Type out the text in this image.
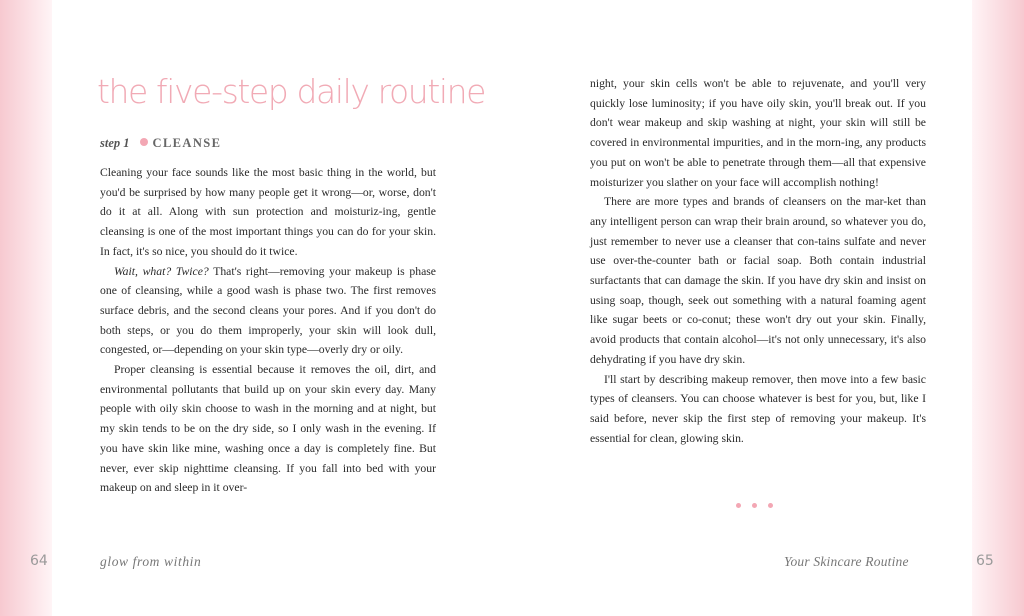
the five-step daily routine
step 1 CLEANSE

Cleaning your face sounds like the most basic thing in the world, but you'd be surprised by how many people get it wrong—or, worse, don't do it at all. Along with sun protection and moisturiz-ing, gentle cleansing is one of the most important things you can do for your skin. In fact, it's so nice, you should do it twice.

Wait, what? Twice? That's right—removing your makeup is phase one of cleansing, while a good wash is phase two. The first removes surface debris, and the second cleans your pores. And if you don't do both steps, or you do them improperly, your skin will look dull, congested, or—depending on your skin type—overly dry or oily.

Proper cleansing is essential because it removes the oil, dirt, and environmental pollutants that build up on your skin every day. Many people with oily skin choose to wash in the morning and at night, but my skin tends to be on the dry side, so I only wash in the evening. If you have skin like mine, washing once a day is completely fine. But never, ever skip nighttime cleansing. If you fall into bed with your makeup on and sleep in it over-

night, your skin cells won't be able to rejuvenate, and you'll very quickly lose luminosity; if you have oily skin, you'll break out. If you don't wear makeup and skip washing at night, your skin will still be covered in environmental impurities, and in the morn-ing, any products you put on won't be able to penetrate through them—all that expensive moisturizer you slather on your face will accomplish nothing!

There are more types and brands of cleansers on the mar-ket than any intelligent person can wrap their brain around, so whatever you do, just remember to never use a cleanser that con-tains sulfate and never use over-the-counter bath or facial soap. Both contain industrial surfactants that can damage the skin. If you have dry skin and insist on using soap, though, seek out something with a natural foaming agent like sugar beets or co-conut; these won't dry out your skin. Finally, avoid products that contain alcohol—it's not only unnecessary, it's also dehydrating if you have dry skin.

I'll start by describing makeup remover, then move into a few basic types of cleansers. You can choose whatever is best for you, but, like I said before, never skip the first step of removing your makeup. It's essential for clean, glowing skin.

64	glow from within	Your Skincare Routine	65
